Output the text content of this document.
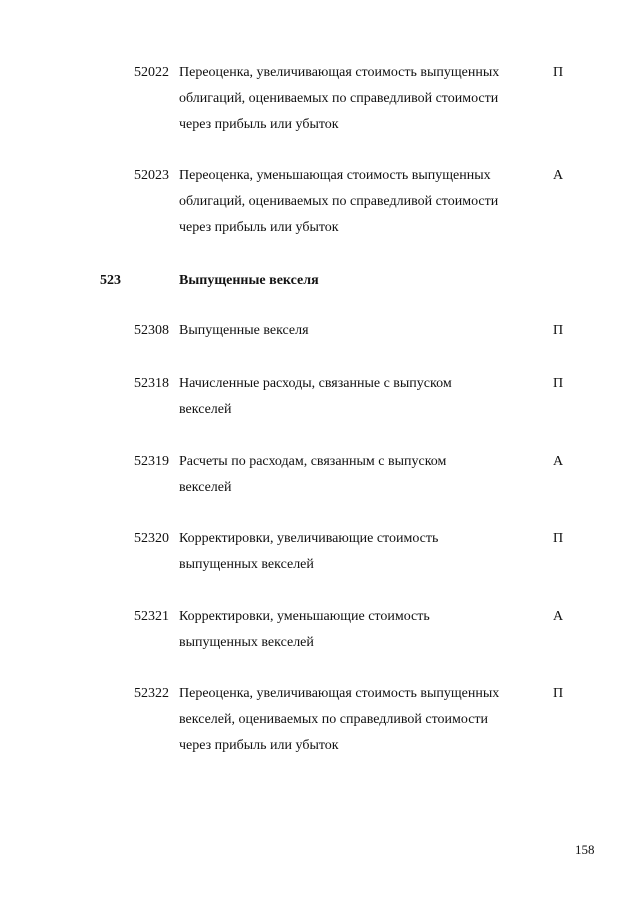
52022 Переоценка, увеличивающая стоимость выпущенных
облигаций, оцениваемых по справедливой стоимости
через прибыль или убыток
П
52023 Переоценка, уменьшающая стоимость выпущенных
облигаций, оцениваемых по справедливой стоимости
через прибыль или убыток
А
523	Выпущенные векселя
52308 Выпущенные векселя	П
52318 Начисленные расходы, связанные с выпуском
векселей
П
52319 Расчеты по расходам, связанным с выпуском
векселей
А
52320 Корректировки, увеличивающие стоимость
выпущенных векселей
П
52321 Корректировки, уменьшающие стоимость
выпущенных векселей
А
52322 Переоценка, увеличивающая стоимость выпущенных
векселей, оцениваемых по справедливой стоимости
через прибыль или убыток
П
158
